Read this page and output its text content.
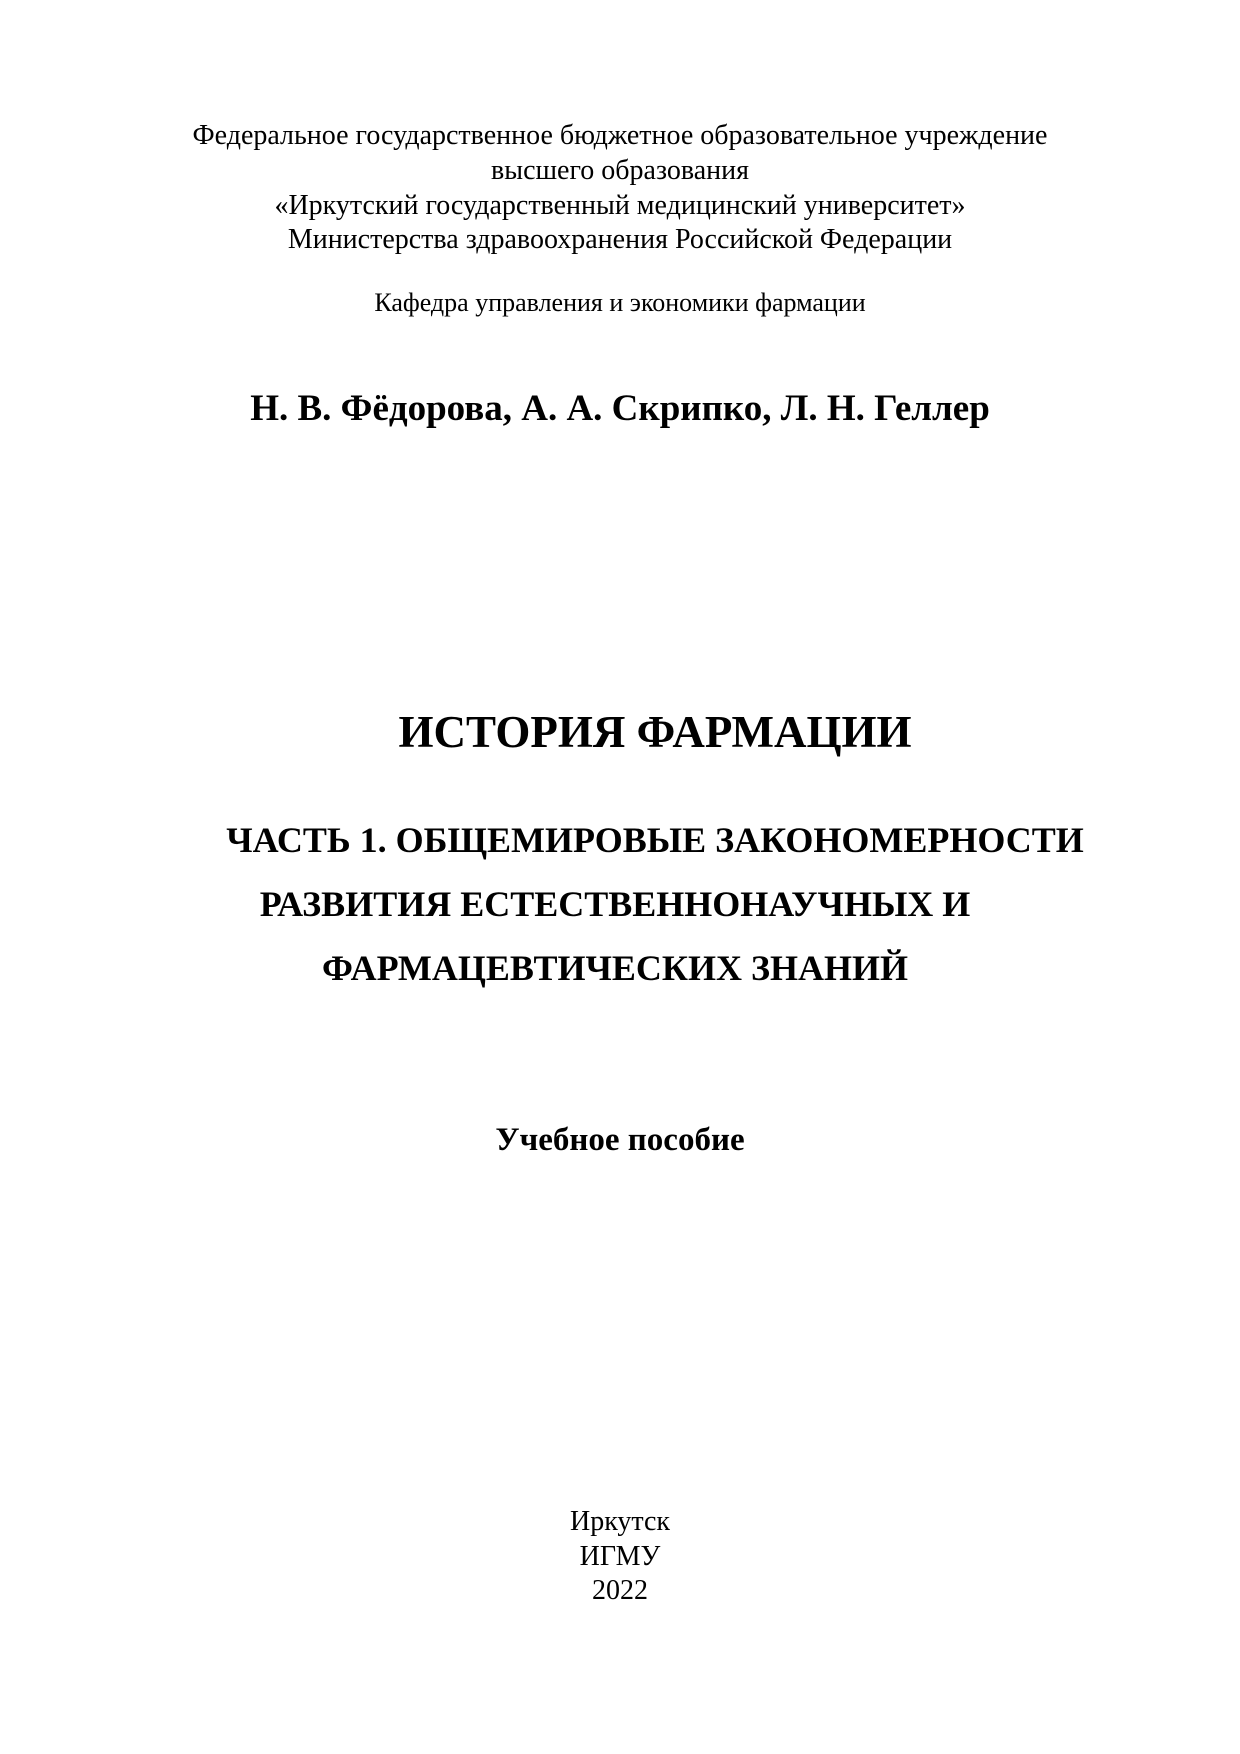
Федеральное государственное бюджетное образовательное учреждение
высшего образования
«Иркутский государственный медицинский университет»
Министерства здравоохранения Российской Федерации
Кафедра управления и экономики фармации
Н. В. Фёдорова, А. А. Скрипко, Л. Н. Геллер
ИСТОРИЯ ФАРМАЦИИ
ЧАСТЬ 1. ОБЩЕМИРОВЫЕ ЗАКОНОМЕРНОСТИ
РАЗВИТИЯ ЕСТЕСТВЕННОНАУЧНЫХ И
ФАРМАЦЕВТИЧЕСКИХ ЗНАНИЙ
Учебное пособие
Иркутск
ИГМУ
2022
